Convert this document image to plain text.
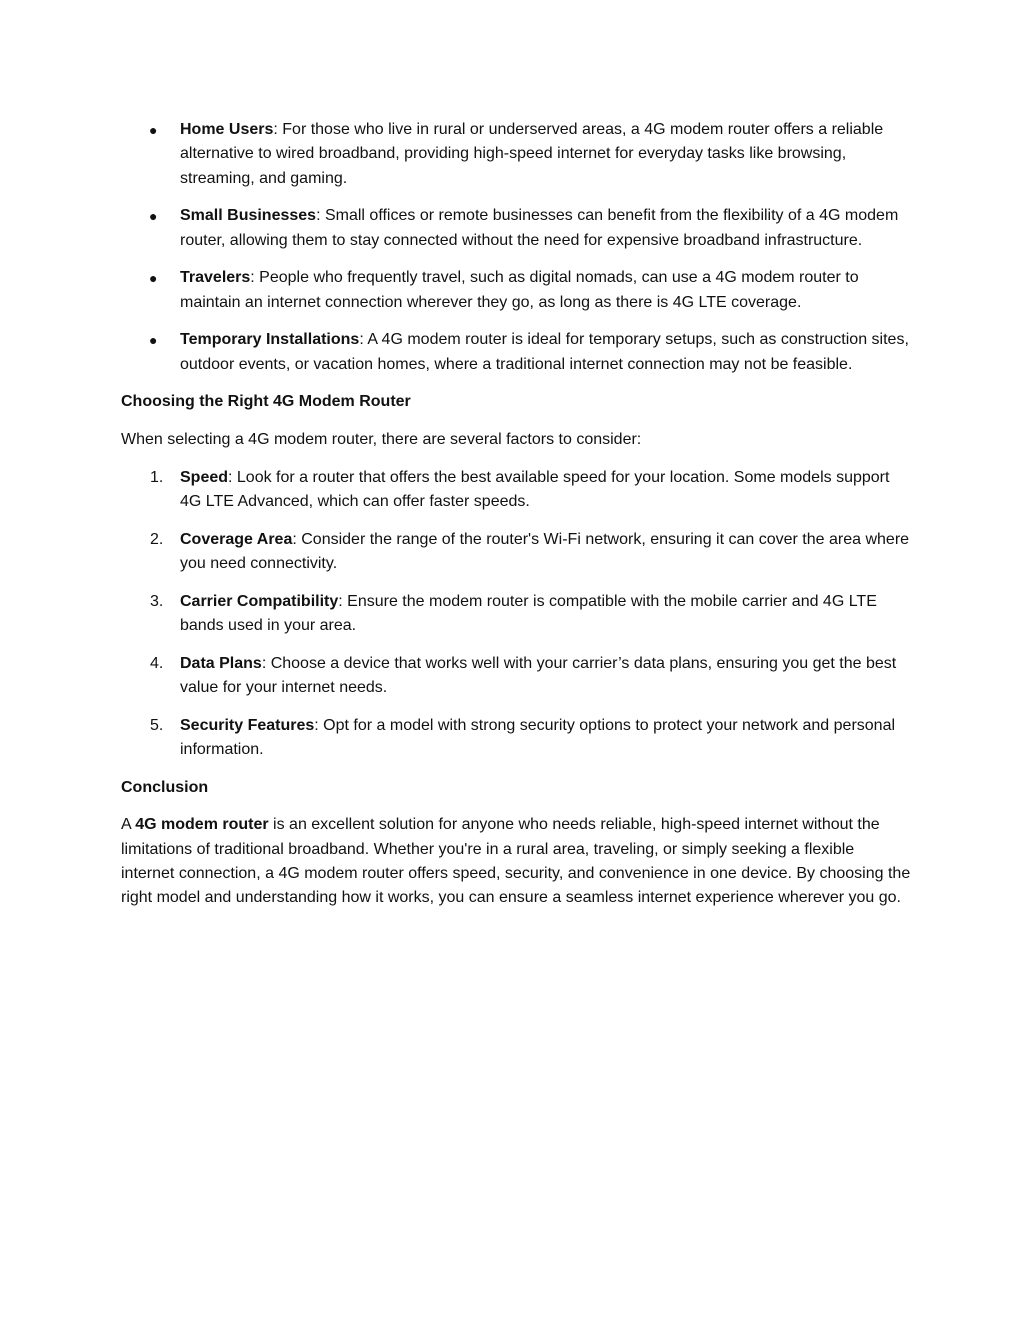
●	Home Users: For those who live in rural or underserved areas, a 4G modem router offers a reliable alternative to wired broadband, providing high-speed internet for everyday tasks like browsing, streaming, and gaming.
●	Small Businesses: Small offices or remote businesses can benefit from the flexibility of a 4G modem router, allowing them to stay connected without the need for expensive broadband infrastructure.
●	Travelers: People who frequently travel, such as digital nomads, can use a 4G modem router to maintain an internet connection wherever they go, as long as there is 4G LTE coverage.
●	Temporary Installations: A 4G modem router is ideal for temporary setups, such as construction sites, outdoor events, or vacation homes, where a traditional internet connection may not be feasible.

Choosing the Right 4G Modem Router

When selecting a 4G modem router, there are several factors to consider:

1.	Speed: Look for a router that offers the best available speed for your location. Some models support 4G LTE Advanced, which can offer faster speeds.
2.	Coverage Area: Consider the range of the router's Wi-Fi network, ensuring it can cover the area where you need connectivity.
3.	Carrier Compatibility: Ensure the modem router is compatible with the mobile carrier and 4G LTE bands used in your area.
4.	Data Plans: Choose a device that works well with your carrier’s data plans, ensuring you get the best value for your internet needs.
5.	Security Features: Opt for a model with strong security options to protect your network and personal information.

Conclusion

A 4G modem router is an excellent solution for anyone who needs reliable, high-speed internet without the limitations of traditional broadband. Whether you're in a rural area, traveling, or simply seeking a flexible internet connection, a 4G modem router offers speed, security, and convenience in one device. By choosing the right model and understanding how it works, you can ensure a seamless internet experience wherever you go.
